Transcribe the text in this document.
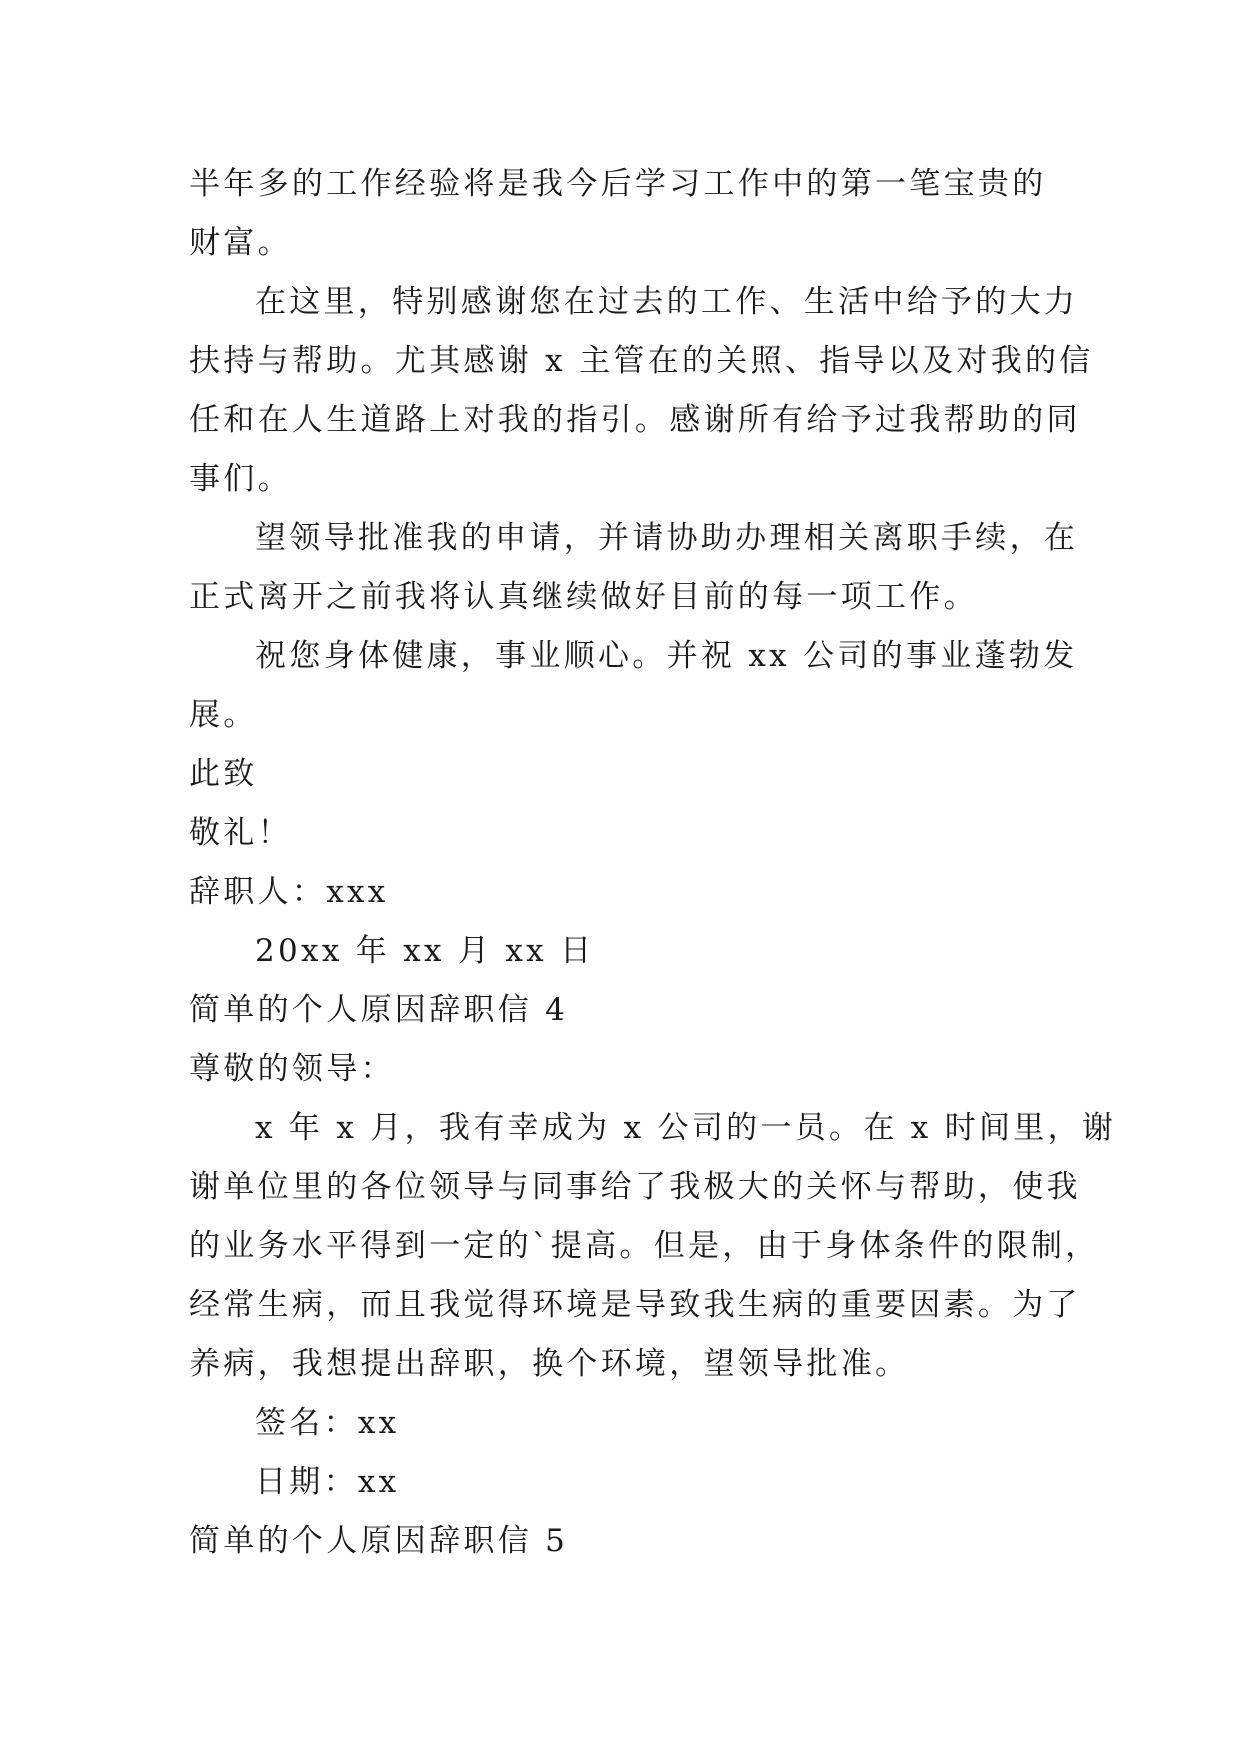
半年多的工作经验将是我今后学习工作中的第一笔宝贵的
财富。
在这里，特别感谢您在过去的工作、生活中给予的大力
扶持与帮助。尤其感谢 x 主管在的关照、指导以及对我的信
任和在人生道路上对我的指引。感谢所有给予过我帮助的同
事们。
望领导批准我的申请，并请协助办理相关离职手续，在
正式离开之前我将认真继续做好目前的每一项工作。
祝您身体健康，事业顺心。并祝 xx 公司的事业蓬勃发
展。
此致
敬礼！
辞职人：xxx
20xx 年 xx 月 xx 日
简单的个人原因辞职信 4
尊敬的领导：
x 年 x 月，我有幸成为 x 公司的一员。在 x 时间里，谢
谢单位里的各位领导与同事给了我极大的关怀与帮助，使我
的业务水平得到一定的`提高。但是，由于身体条件的限制，
经常生病，而且我觉得环境是导致我生病的重要因素。为了
养病，我想提出辞职，换个环境，望领导批准。
签名：xx
日期：xx
简单的个人原因辞职信 5
